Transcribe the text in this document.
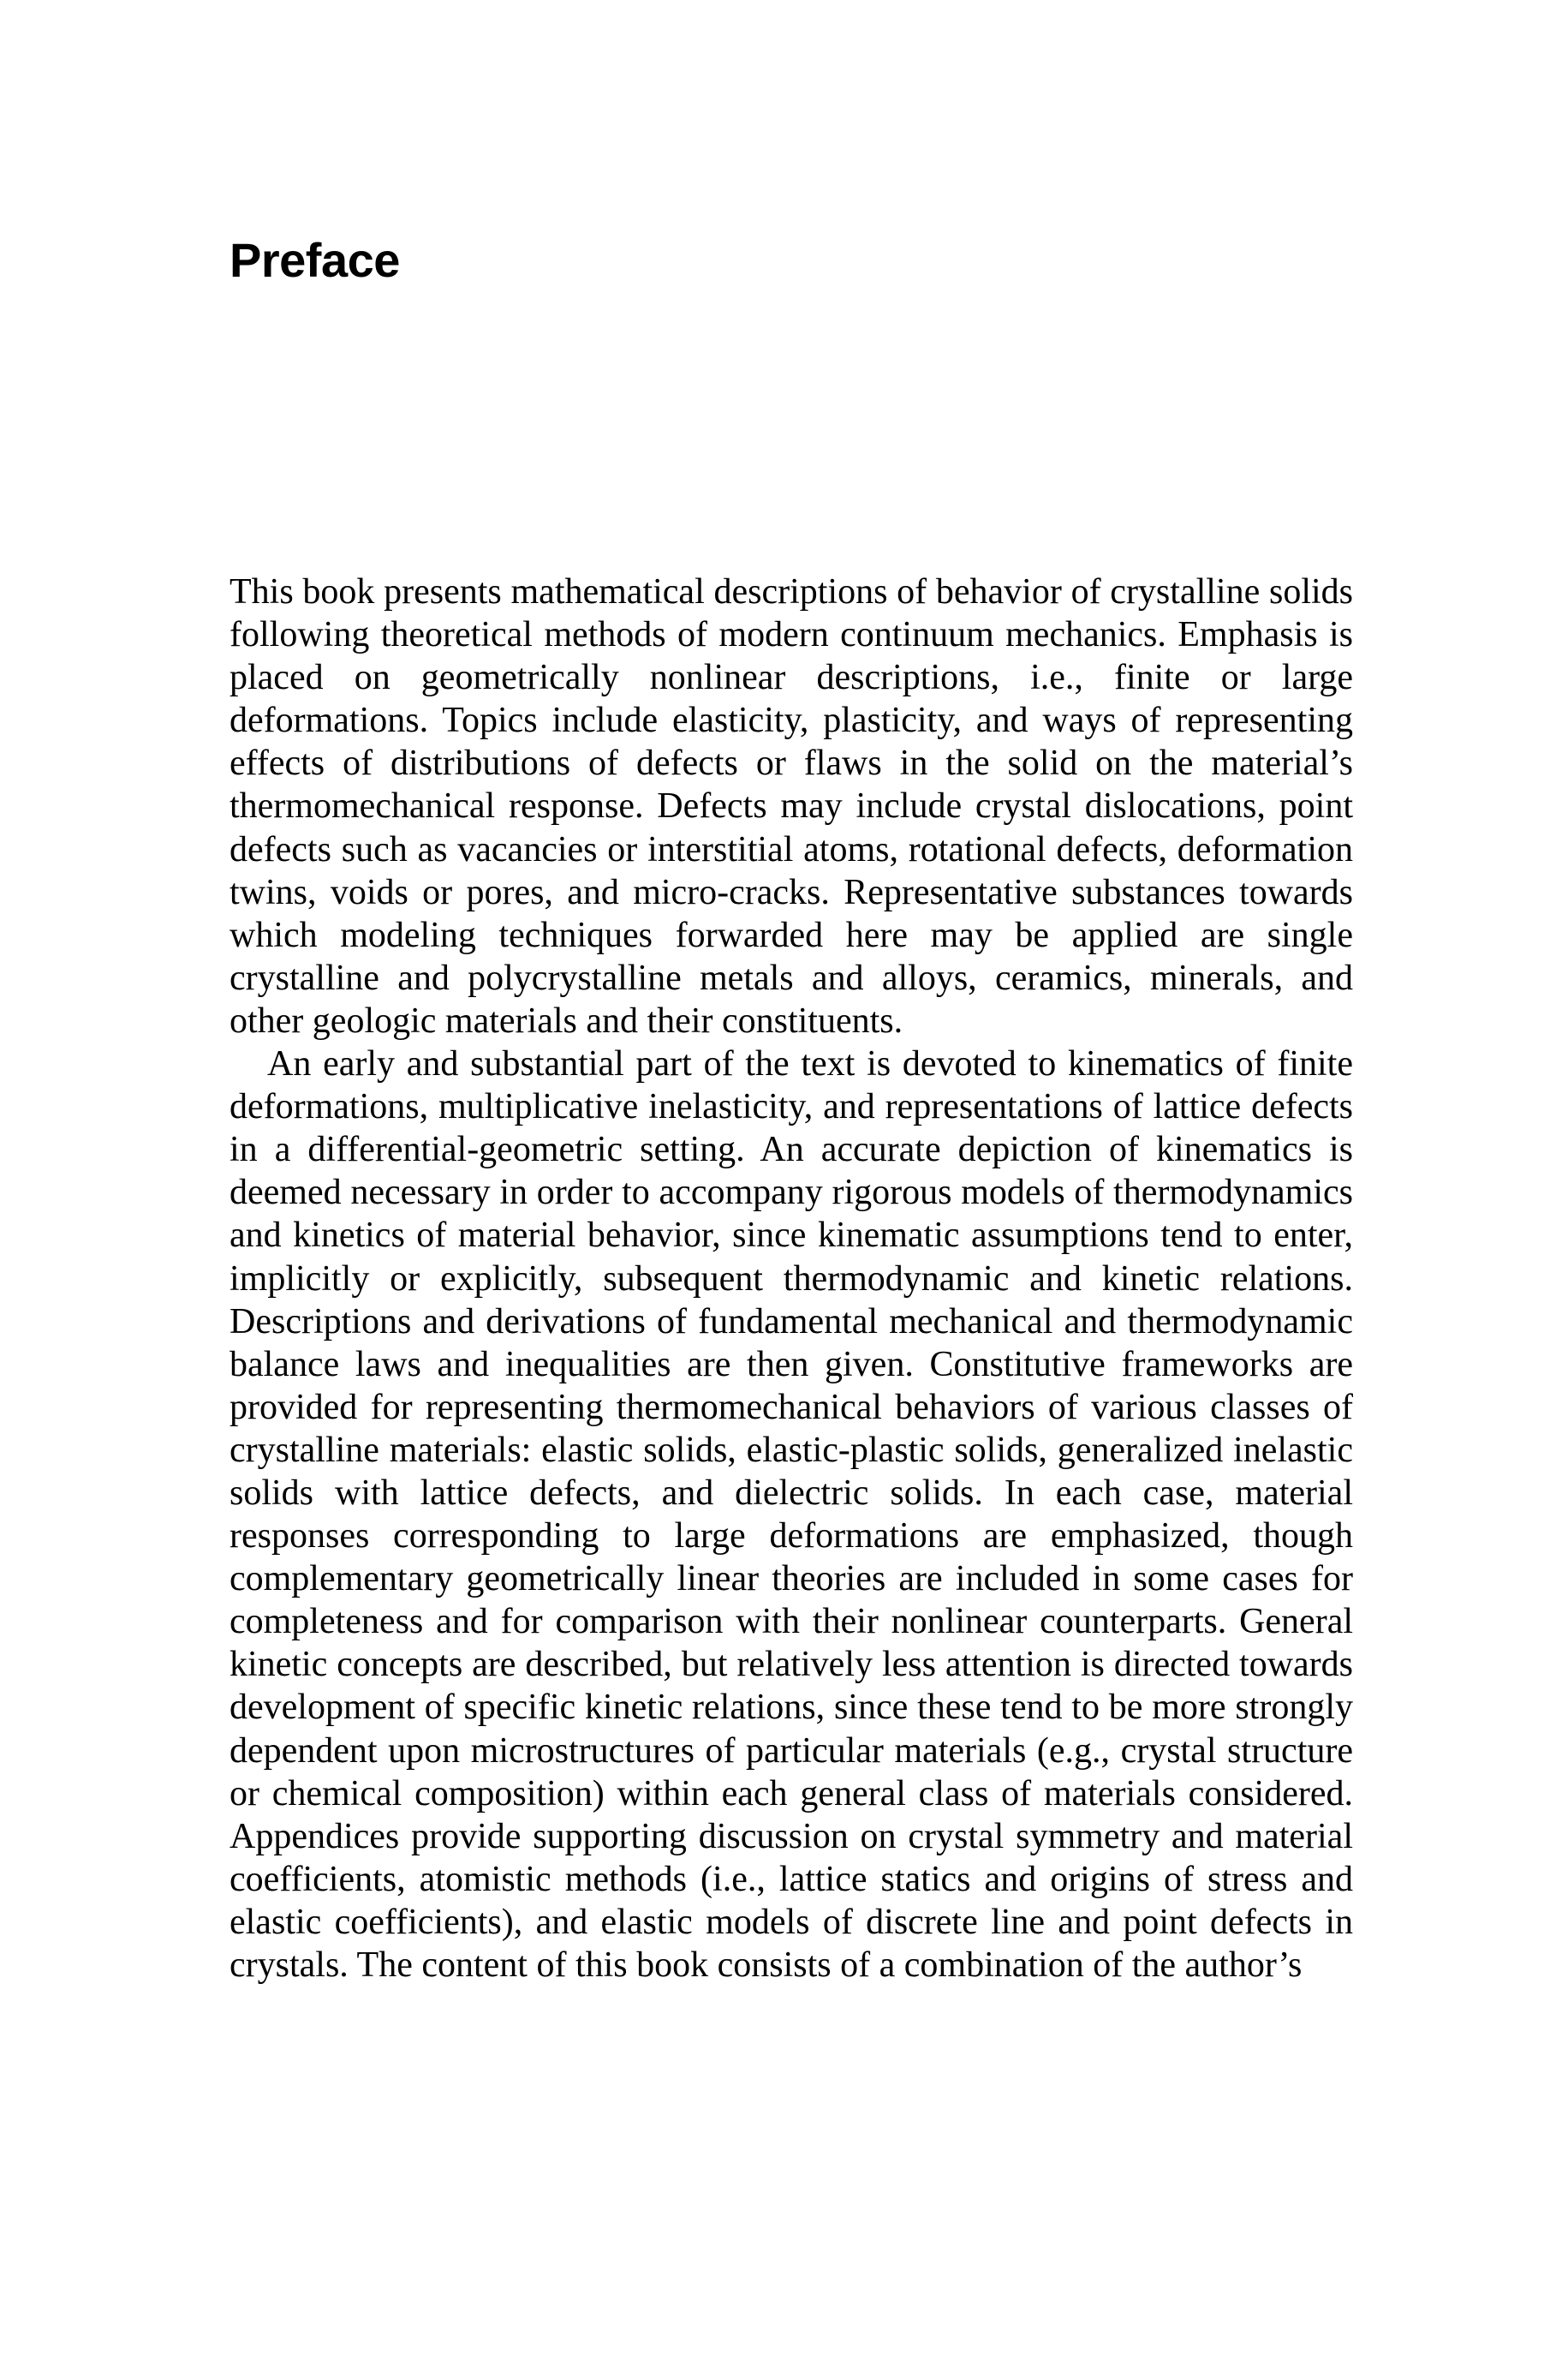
Preface

This book presents mathematical descriptions of behavior of crystalline solids following theoretical methods of modern continuum mechanics. Emphasis is placed on geometrically nonlinear descriptions, i.e., finite or large deformations. Topics include elasticity, plasticity, and ways of representing effects of distributions of defects or flaws in the solid on the material’s thermomechanical response. Defects may include crystal dislocations, point defects such as vacancies or interstitial atoms, rotational defects, deformation twins, voids or pores, and micro-cracks. Representative substances towards which modeling techniques forwarded here may be applied are single crystalline and polycrystalline metals and alloys, ceramics, minerals, and other geologic materials and their constituents.

An early and substantial part of the text is devoted to kinematics of finite deformations, multiplicative inelasticity, and representations of lattice defects in a differential-geometric setting. An accurate depiction of kinematics is deemed necessary in order to accompany rigorous models of thermodynamics and kinetics of material behavior, since kinematic assumptions tend to enter, implicitly or explicitly, subsequent thermodynamic and kinetic relations. Descriptions and derivations of fundamental mechanical and thermodynamic balance laws and inequalities are then given. Constitutive frameworks are provided for representing thermomechanical behaviors of various classes of crystalline materials: elastic solids, elastic-plastic solids, generalized inelastic solids with lattice defects, and dielectric solids. In each case, material responses corresponding to large deformations are emphasized, though complementary geometrically linear theories are included in some cases for completeness and for comparison with their nonlinear counterparts. General kinetic concepts are described, but relatively less attention is directed towards development of specific kinetic relations, since these tend to be more strongly dependent upon microstructures of particular materials (e.g., crystal structure or chemical composition) within each general class of materials considered. Appendices provide supporting discussion on crystal symmetry and material coefficients, atomistic methods (i.e., lattice statics and origins of stress and elastic coefficients), and elastic models of discrete line and point defects in crystals. The content of this book consists of a combination of the author’s
